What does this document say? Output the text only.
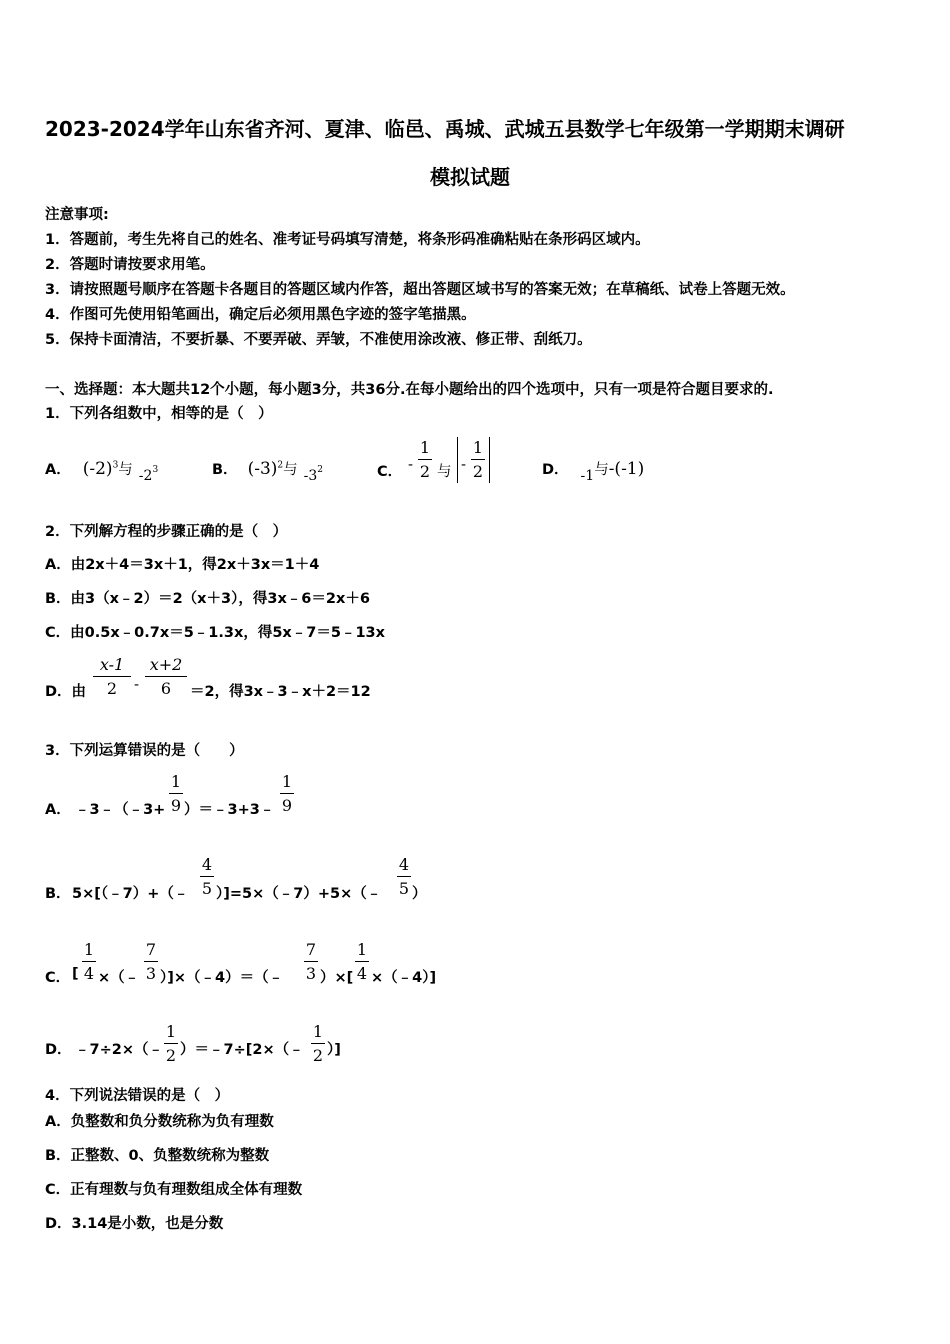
2023-2024学年山东省齐河、夏津、临邑、禹城、武城五县数学七年级第一学期期末调研
模拟试题
注意事项:
1．答题前，考生先将自己的姓名、准考证号码填写清楚，将条形码准确粘贴在条形码区域内。
2．答题时请按要求用笔。
3．请按照题号顺序在答题卡各题目的答题区域内作答，超出答题区域书写的答案无效；在草稿纸、试卷上答题无效。
4．作图可先使用铅笔画出，确定后必须用黑色字迹的签字笔描黑。
5．保持卡面清洁，不要折暴、不要弄破、弄皱，不准使用涂改液、修正带、刮纸刀。
一、选择题：本大题共12个小题，每小题3分，共36分.在每小题给出的四个选项中，只有一项是符合题目要求的.
1．下列各组数中，相等的是（　）
A． $(-2)^3$与 $-2^3$	B． $(-3)^2$与 $-3^2$	C． -
1
2 与 -
1
2	D． -1与-(-1)
2．下列解方程的步骤正确的是（　）
A．由2x＋4＝3x＋1，得2x＋3x＝1＋4
B．由3（x﹣2）＝2（x＋3），得3x﹣6＝2x＋6
C．由0.5x﹣0.7x＝5﹣1.3x，得5x﹣7＝5﹣13x
D．由
x-1
2	-
x+2
6	＝2，得3x﹣3﹣x＋2＝12
3．下列运算错误的是（　　）
A． ﹣3﹣（﹣3+
1
9 ）＝﹣3+3﹣
1
9
B． 5×[（﹣7）+（﹣
4
5 ）]=5×（﹣7）+5×（﹣
4
5 ）
C． [
1
4 ×（﹣
7
3 ）]×（﹣4）＝（﹣
7
3 ）×[
1
4 ×（﹣4）]
D． ﹣7÷2×（﹣
1
2 ）＝﹣7÷[2×（﹣
1
2 ）]
4．下列说法错误的是（　）
A．负整数和负分数统称为负有理数
B．正整数、0、负整数统称为整数
C．正有理数与负有理数组成全体有理数
D．3.14是小数，也是分数
